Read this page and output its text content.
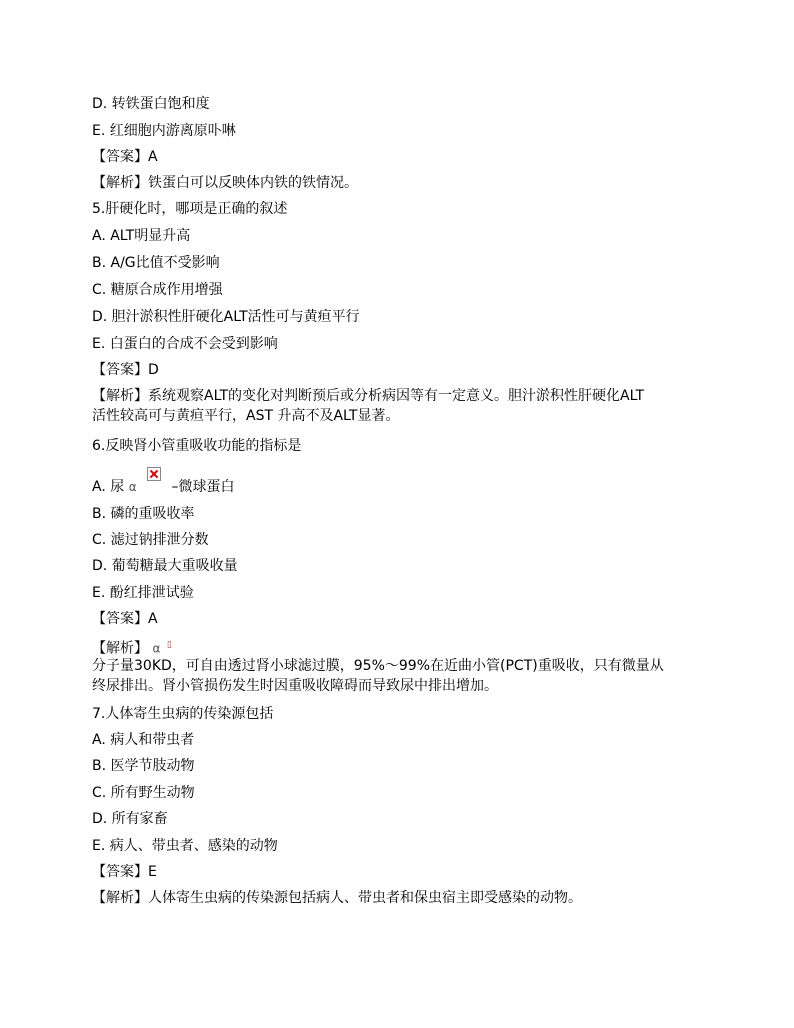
D. 转铁蛋白饱和度
E. 红细胞内游离原卟啉
【答案】A
【解析】铁蛋白可以反映体内铁的铁情况。
5.肝硬化时，哪项是正确的叙述
A. ALT明显升高
B. A/G比值不受影响
C. 糖原合成作用增强
D. 胆汁淤积性肝硬化ALT活性可与黄疸平行
E. 白蛋白的合成不会受到影响
【答案】D
【解析】系统观察ALT的变化对判断预后或分析病因等有一定意义。胆汁淤积性肝硬化ALT
活性较高可与黄疸平行，AST 升高不及ALT显著。
6.反映肾小管重吸收功能的指标是
A. 尿 α –微球蛋白
B. 磷的重吸收率
C. 滤过钠排泄分数
D. 葡萄糖最大重吸收量
E. 酚红排泄试验
【答案】A
【解析】 α ▯
分子量30KD，可自由透过肾小球滤过膜，95%～99%在近曲小管(PCT)重吸收，只有微量从
终尿排出。肾小管损伤发生时因重吸收障碍而导致尿中排出增加。
7.人体寄生虫病的传染源包括
A. 病人和带虫者
B. 医学节肢动物
C. 所有野生动物
D. 所有家畜
E. 病人、带虫者、感染的动物
【答案】E
【解析】人体寄生虫病的传染源包括病人、带虫者和保虫宿主即受感染的动物。
